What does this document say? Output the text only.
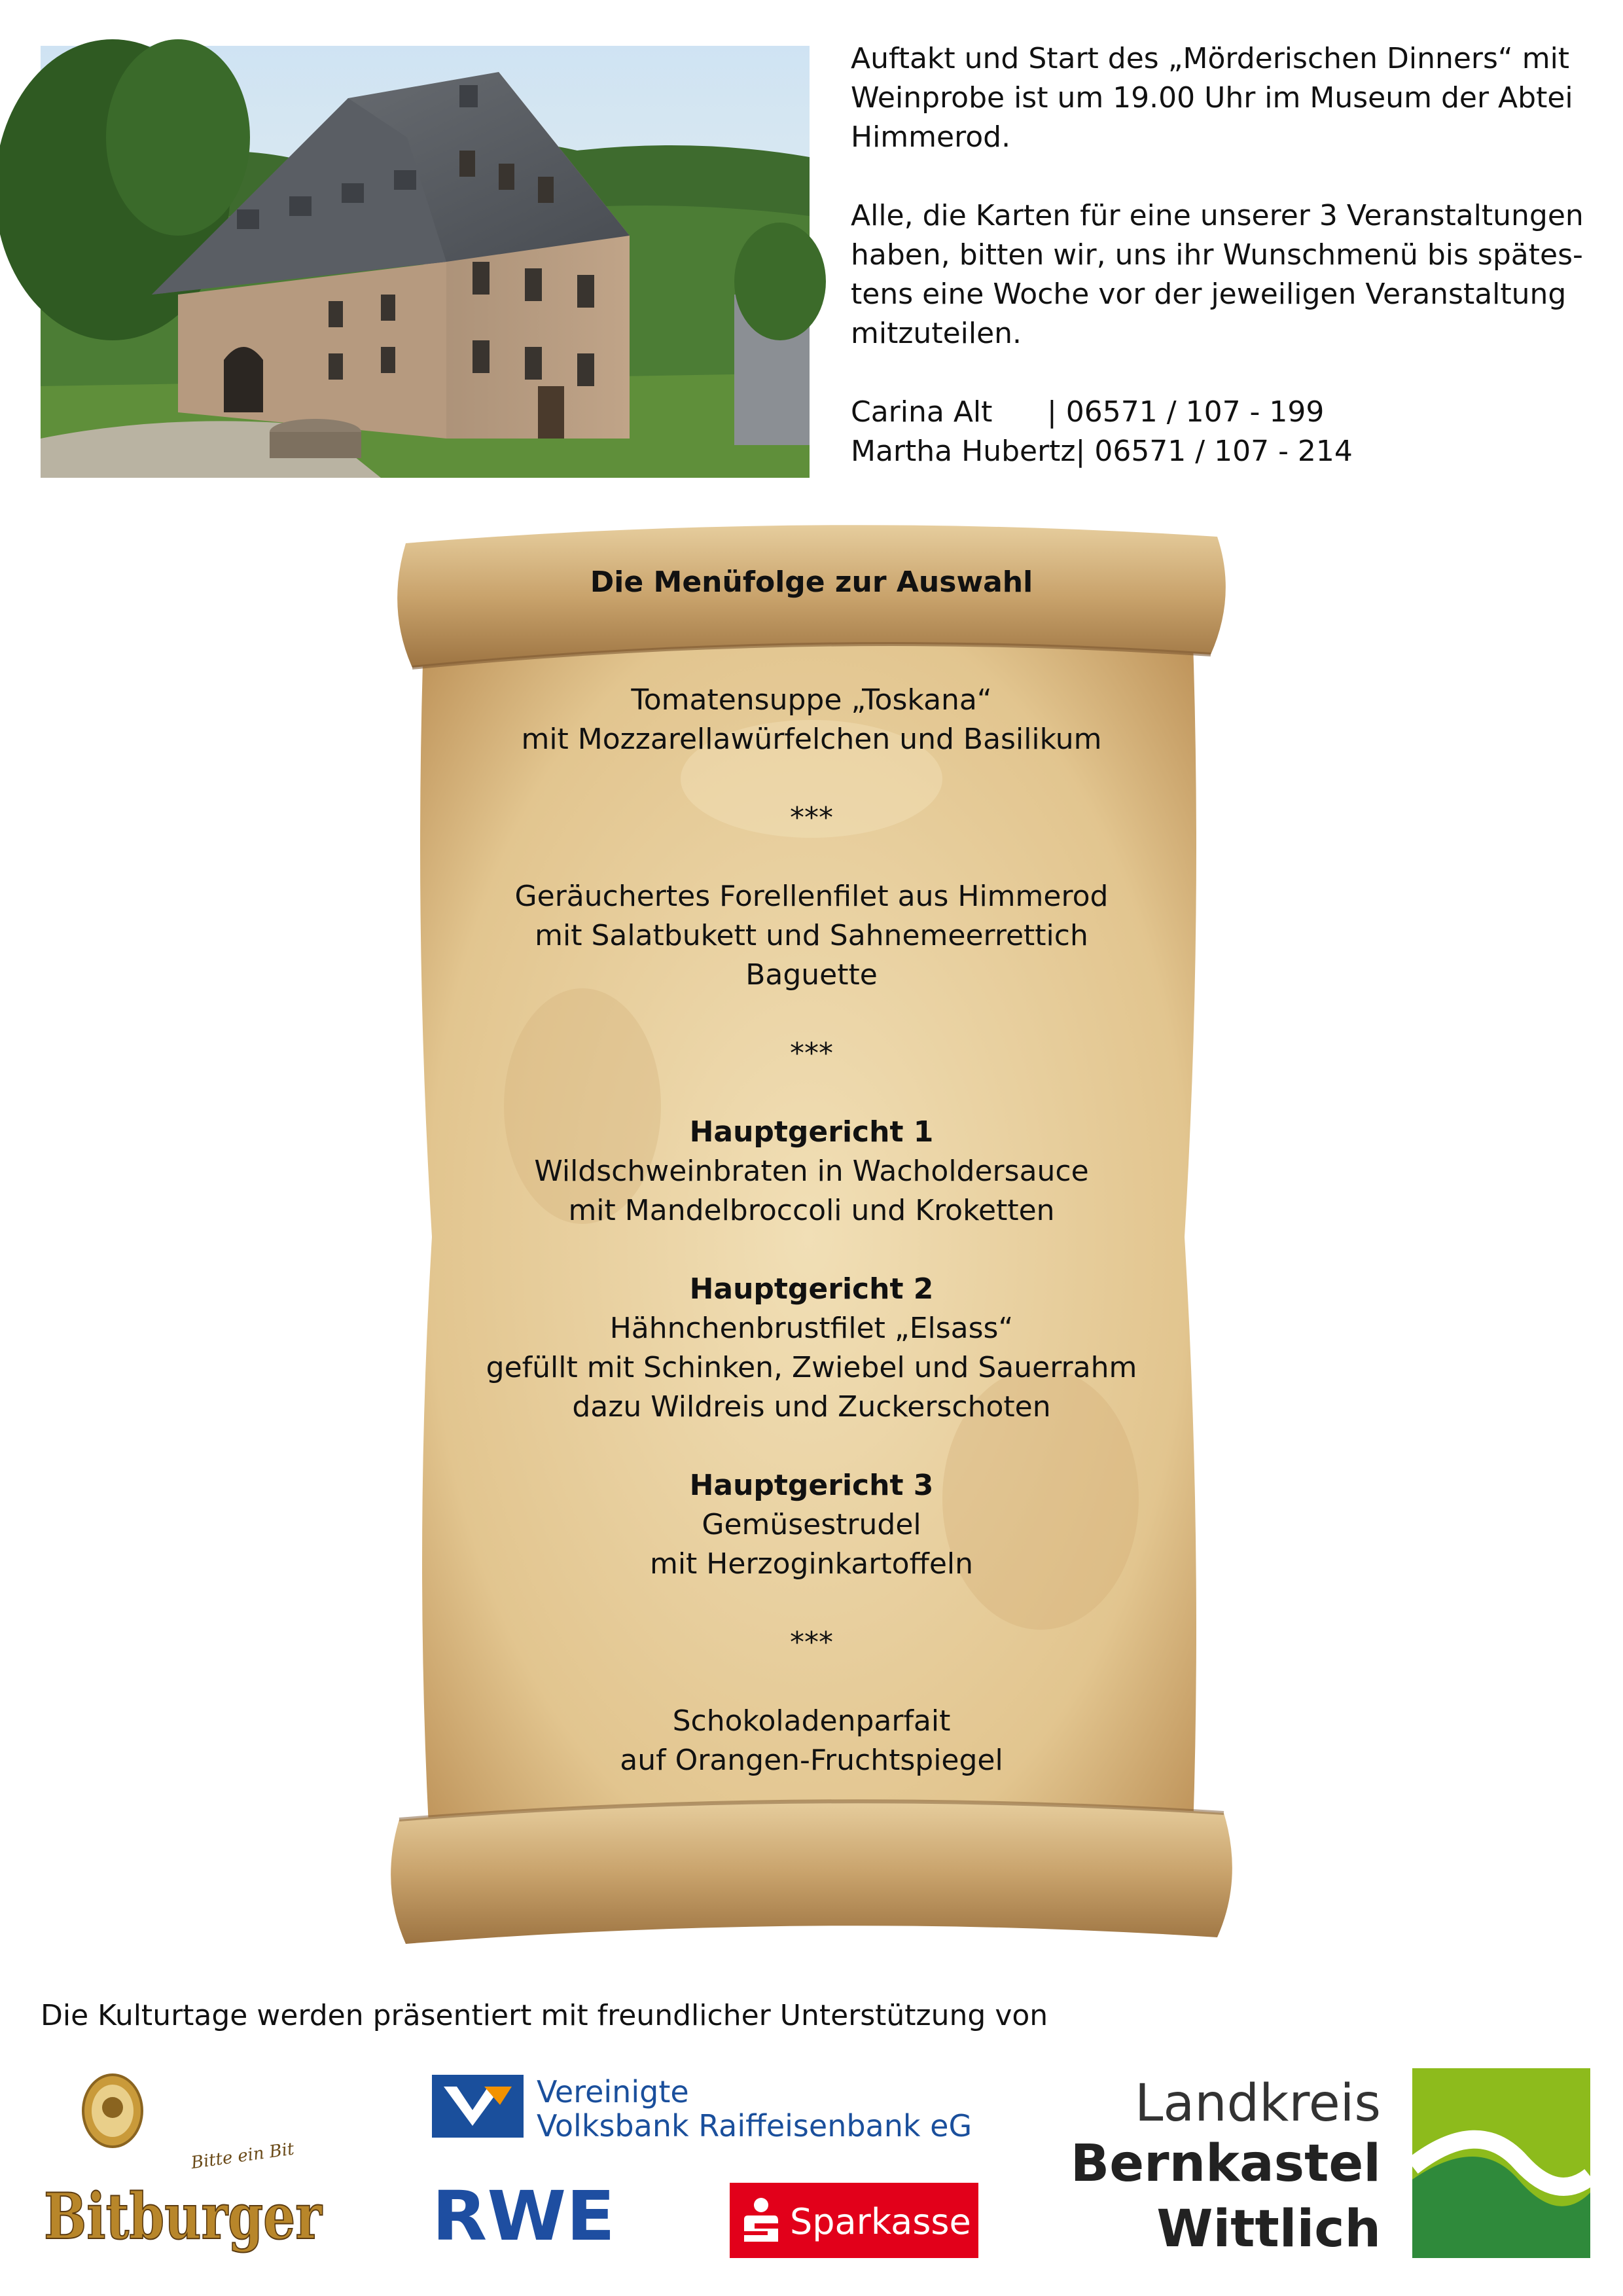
Auftakt und Start des „Mörderischen Dinners“ mit

Weinprobe ist um 19.00 Uhr im Museum der Abtei

Himmerod.

Alle, die Karten für eine unserer 3 Veranstaltungen

haben, bitten wir, uns ihr Wunschmenü bis spätes-

tens eine Woche vor der jeweiligen Veranstaltung

mitzuteilen.

Carina Alt	| 06571 / 107 - 199
Martha Hubertz | 06571 / 107 - 214

Die Menüfolge zur Auswahl

Tomatensuppe „Toskana“

mit Mozzarellawürfelchen und Basilikum

***

Geräuchertes Forellenfilet aus Himmerod

mit Salatbukett und Sahnemeerrettich

Baguette

***

Hauptgericht 1

Wildschweinbraten in Wacholdersauce

mit Mandelbroccoli und Kroketten

Hauptgericht 2

Hähnchenbrustfilet „Elsass“

gefüllt mit Schinken, Zwiebel und Sauerrahm

dazu Wildreis und Zuckerschoten

Hauptgericht 3

Gemüsestrudel

mit Herzoginkartoffeln

***

Schokoladenparfait

auf Orangen-Fruchtspiegel

Die Kulturtage werden präsentiert mit freundlicher Unterstützung von
Bitte ein Bit
Bitburger
Vereinigte
Volksbank Raiffeisenbank eG
RWE	Sparkasse
Landkreis
Bernkastel
Wittlich
